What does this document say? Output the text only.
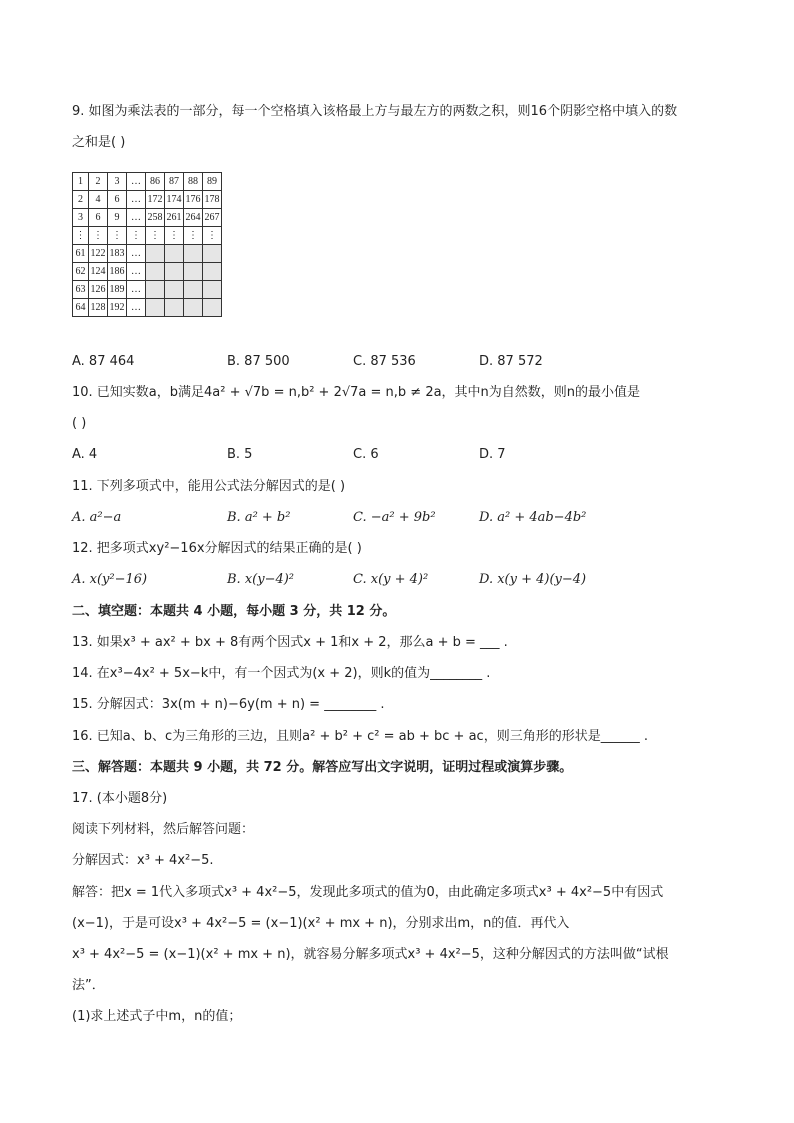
9. 如图为乘法表的一部分，每一个空格填入该格最上方与最左方的两数之积，则16个阴影空格中填入的数
之和是( )
1	2	3	…	86	87	88	89
2	4	6	…	172	174	176	178
3	6	9	…	258	261	264	267
⋮	⋮	⋮	⋮	⋮	⋮	⋮	⋮
61	122	183	…				
62	124	186	…				
63	126	189	…				
64	128	192	…				
A. 87 464	B. 87 500	C. 87 536	D. 87 572
10. 已知实数a，b满足4a² + √7b = n,b² + 2√7a = n,b ≠ 2a，其中n为自然数，则n的最小值是
( )
A. 4	B. 5	C. 6	D. 7
11. 下列多项式中，能用公式法分解因式的是( )
A. a²−a	B. a² + b²	C. −a² + 9b²	D. a² + 4ab−4b²
12. 把多项式xy²−16x分解因式的结果正确的是( )
A. x(y²−16)	B. x(y−4)²	C. x(y + 4)²	D. x(y + 4)(y−4)
二、填空题：本题共 4 小题，每小题 3 分，共 12 分。
13. 如果x³ + ax² + bx + 8有两个因式x + 1和x + 2，那么a + b = ___ .
14. 在x³−4x² + 5x−k中，有一个因式为(x + 2)，则k的值为________ .
15. 分解因式：3x(m + n)−6y(m + n) = ________ .
16. 已知a、b、c为三角形的三边，且则a² + b² + c² = ab + bc + ac，则三角形的形状是______ .
三、解答题：本题共 9 小题，共 72 分。解答应写出文字说明，证明过程或演算步骤。
17. (本小题8分)
阅读下列材料，然后解答问题：
分解因式：x³ + 4x²−5.
解答：把x = 1代入多项式x³ + 4x²−5，发现此多项式的值为0，由此确定多项式x³ + 4x²−5中有因式
(x−1)，于是可设x³ + 4x²−5 = (x−1)(x² + mx + n)，分别求出m，n的值．再代入
x³ + 4x²−5 = (x−1)(x² + mx + n)，就容易分解多项式x³ + 4x²−5，这种分解因式的方法叫做“试根
法”．
(1)求上述式子中m，n的值；
